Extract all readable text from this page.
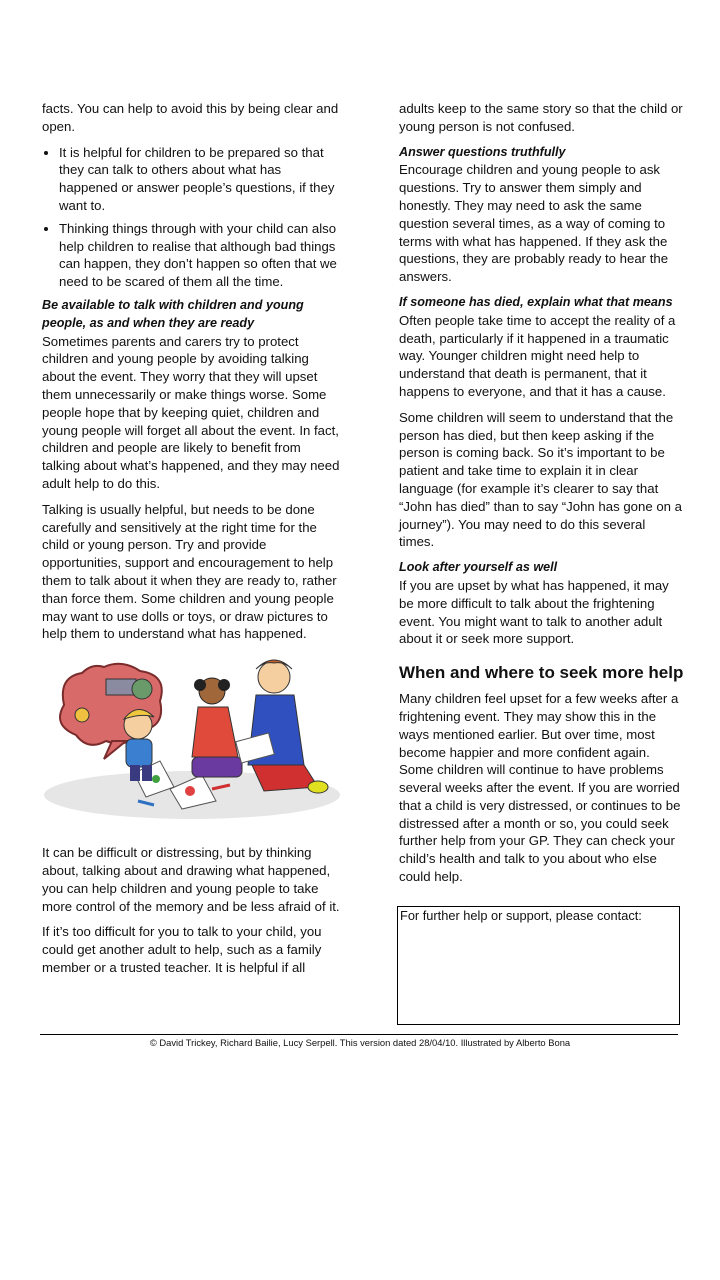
facts. You can help to avoid this by being clear and open.

• It is helpful for children to be prepared so that they can talk to others about what has happened or answer people’s questions, if they want to.
• Thinking things through with your child can also help children to realise that although bad things can happen, they don’t happen so often that we need to be scared of them all the time.

Be available to talk with children and young people, as and when they are ready

Sometimes parents and carers try to protect children and young people by avoiding talking about the event. They worry that they will upset them unnecessarily or make things worse. Some people hope that by keeping quiet, children and young people will forget all about the event. In fact, children and people are likely to benefit from talking about what’s happened, and they may need adult help to do this.

Talking is usually helpful, but needs to be done carefully and sensitively at the right time for the child or young person. Try and provide opportunities, support and encouragement to help them to talk about it when they are ready to, rather than force them. Some children and young people may want to use dolls or toys, or draw pictures to help them to understand what has happened.

It can be difficult or distressing, but by thinking about, talking about and drawing what happened, you can help children and young people to take more control of the memory and be less afraid of it.

If it’s too difficult for you to talk to your child, you could get another adult to help, such as a family member or a trusted teacher. It is helpful if all

adults keep to the same story so that the child or young person is not confused.

Answer questions truthfully

Encourage children and young people to ask questions. Try to answer them simply and honestly. They may need to ask the same question several times, as a way of coming to terms with what has happened. If they ask the questions, they are probably ready to hear the answers.

If someone has died, explain what that means

Often people take time to accept the reality of a death, particularly if it happened in a traumatic way. Younger children might need help to understand that death is permanent, that it happens to everyone, and that it has a cause.

Some children will seem to understand that the person has died, but then keep asking if the person is coming back. So it’s important to be patient and take time to explain it in clear language (for example it’s clearer to say that “John has died” than to say “John has gone on a journey”). You may need to do this several times.

Look after yourself as well

If you are upset by what has happened, it may be more difficult to talk about the frightening event. You might want to talk to another adult about it or seek more support.

When and where to seek more help

Many children feel upset for a few weeks after a frightening event. They may show this in the ways mentioned earlier. But over time, most become happier and more confident again. Some children will continue to have problems several weeks after the event. If you are worried that a child is very distressed, or continues to be distressed after a month or so, you could seek further help from your GP. They can check your child’s health and talk to you about who else could help.

For further help or support, please contact:
© David Trickey, Richard Bailie, Lucy Serpell. This version dated 28/04/10. Illustrated by Alberto Bona
